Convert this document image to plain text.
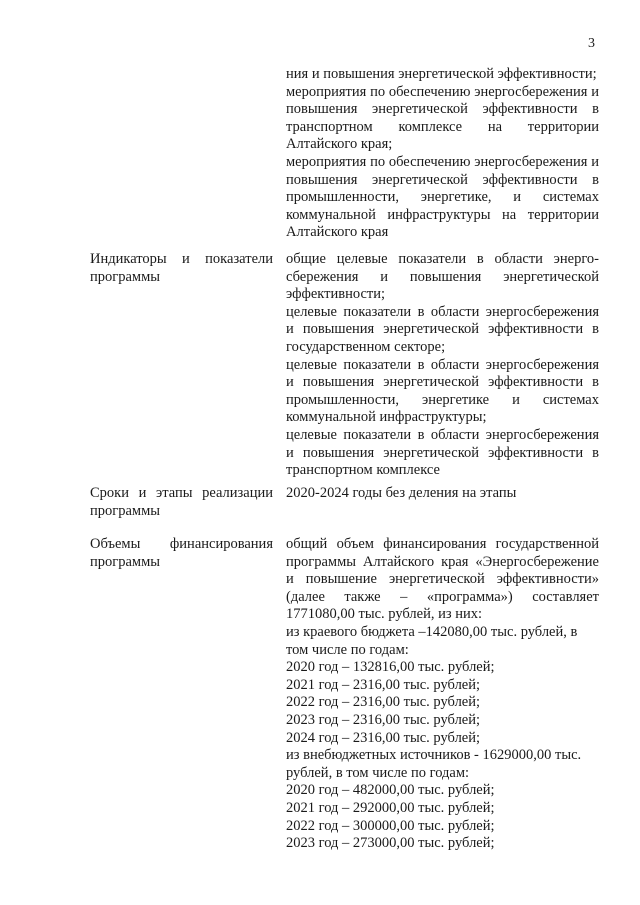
3

ния и повышения энергетической эффективности;

мероприятия по обеспечению энергосбережения и повышения энергетической эффективности в транспортном комплексе на территории Алтайского края;

мероприятия по обеспечению энергосбережения и повышения энергетической эффективности в промышленности, энергетике, и системах коммунальной инфраструктуры на территории Алтайского края

Индикаторы и показатели
программы

общие целевые показатели в области энерго-сбережения и повышения энергетической эффективности;

целевые показатели в области энергосбережения и повышения энергетической эффективности в государственном секторе;

целевые показатели в области энергосбережения и повышения энергетической эффективности в промышленности, энергетике и системах коммунальной инфраструктуры;

целевые показатели в области энергосбережения и повышения энергетической эффективности в транспортном комплексе

Сроки и этапы реализации
программы

2020-2024 годы без деления на этапы

Объемы финансирования
программы

общий объем финансирования государственной программы Алтайского края «Энергосбережение и повышение энергетической эффективности» (далее также – «программа») составляет 1771080,00 тыс. рублей, из них:

из краевого бюджета –142080,00 тыс. рублей, в том числе по годам:

2020 год – 132816,00 тыс. рублей;

2021 год – 2316,00 тыс. рублей;

2022 год – 2316,00 тыс. рублей;

2023 год – 2316,00 тыс. рублей;

2024 год – 2316,00 тыс. рублей;

из внебюджетных источников - 1629000,00 тыс. рублей, в том числе по годам:

2020 год – 482000,00 тыс. рублей;

2021 год – 292000,00 тыс. рублей;

2022 год – 300000,00 тыс. рублей;

2023 год – 273000,00 тыс. рублей;
